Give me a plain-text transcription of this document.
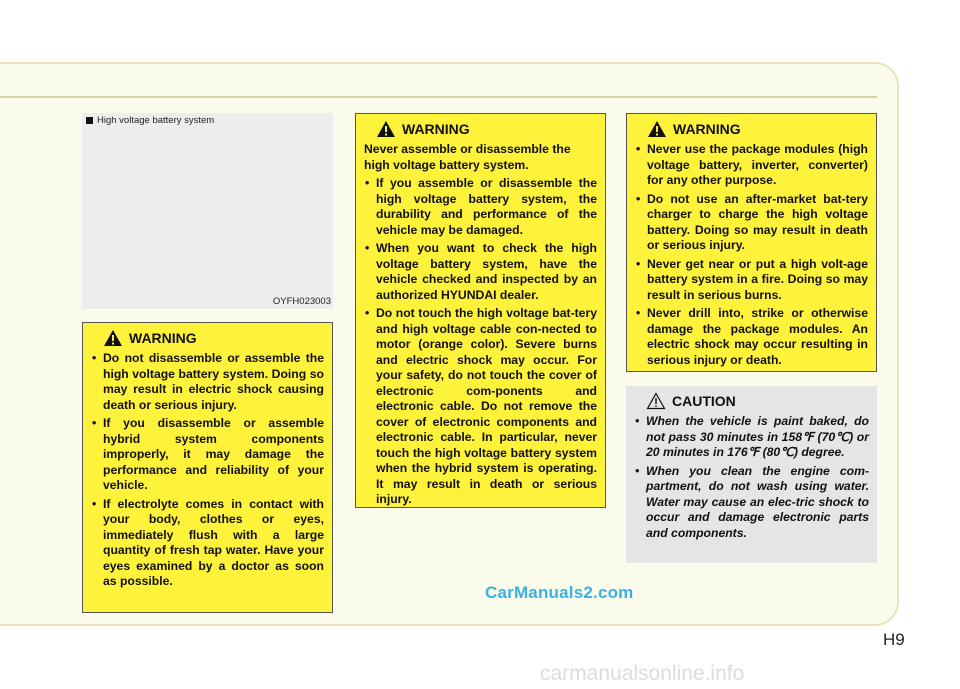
High voltage battery system
OYFH023003
WARNING
• Do not disassemble or assemble the high voltage battery system. Doing so may result in electric shock causing death or serious injury.
• If you disassemble or assemble hybrid system components improperly, it may damage the performance and reliability of your vehicle.
• If electrolyte comes in contact with your body, clothes or eyes, immediately flush with a large quantity of fresh tap water. Have your eyes examined by a doctor as soon as possible.
WARNING
Never assemble or disassemble the high voltage battery system.
• If you assemble or disassemble the high voltage battery system, the durability and performance of the vehicle may be damaged.
• When you want to check the high voltage battery system, have the vehicle checked and inspected by an authorized HYUNDAI dealer.
• Do not touch the high voltage bat-tery and high voltage cable con-nected to motor (orange color). Severe burns and electric shock may occur. For your safety, do not touch the cover of electronic com-ponents and electronic cable. Do not remove the cover of electronic components and electronic cable. In particular, never touch the high voltage battery system when the hybrid system is operating. It may result in death or serious injury.
WARNING
• Never use the package modules (high voltage battery, inverter, converter) for any other purpose.
• Do not use an after-market bat-tery charger to charge the high voltage battery. Doing so may result in death or serious injury.
• Never get near or put a high volt-age battery system in a fire. Doing so may result in serious burns.
• Never drill into, strike or otherwise damage the package modules. An electric shock may occur resulting in serious injury or death.
CAUTION
• When the vehicle is paint baked, do not pass 30 minutes in 158℉ (70℃) or 20 minutes in 176℉ (80℃) degree.
• When you clean the engine com-partment, do not wash using water. Water may cause an elec-tric shock to occur and damage electronic parts and components.
CarManuals2.com
H9
carmanualsonline.info
